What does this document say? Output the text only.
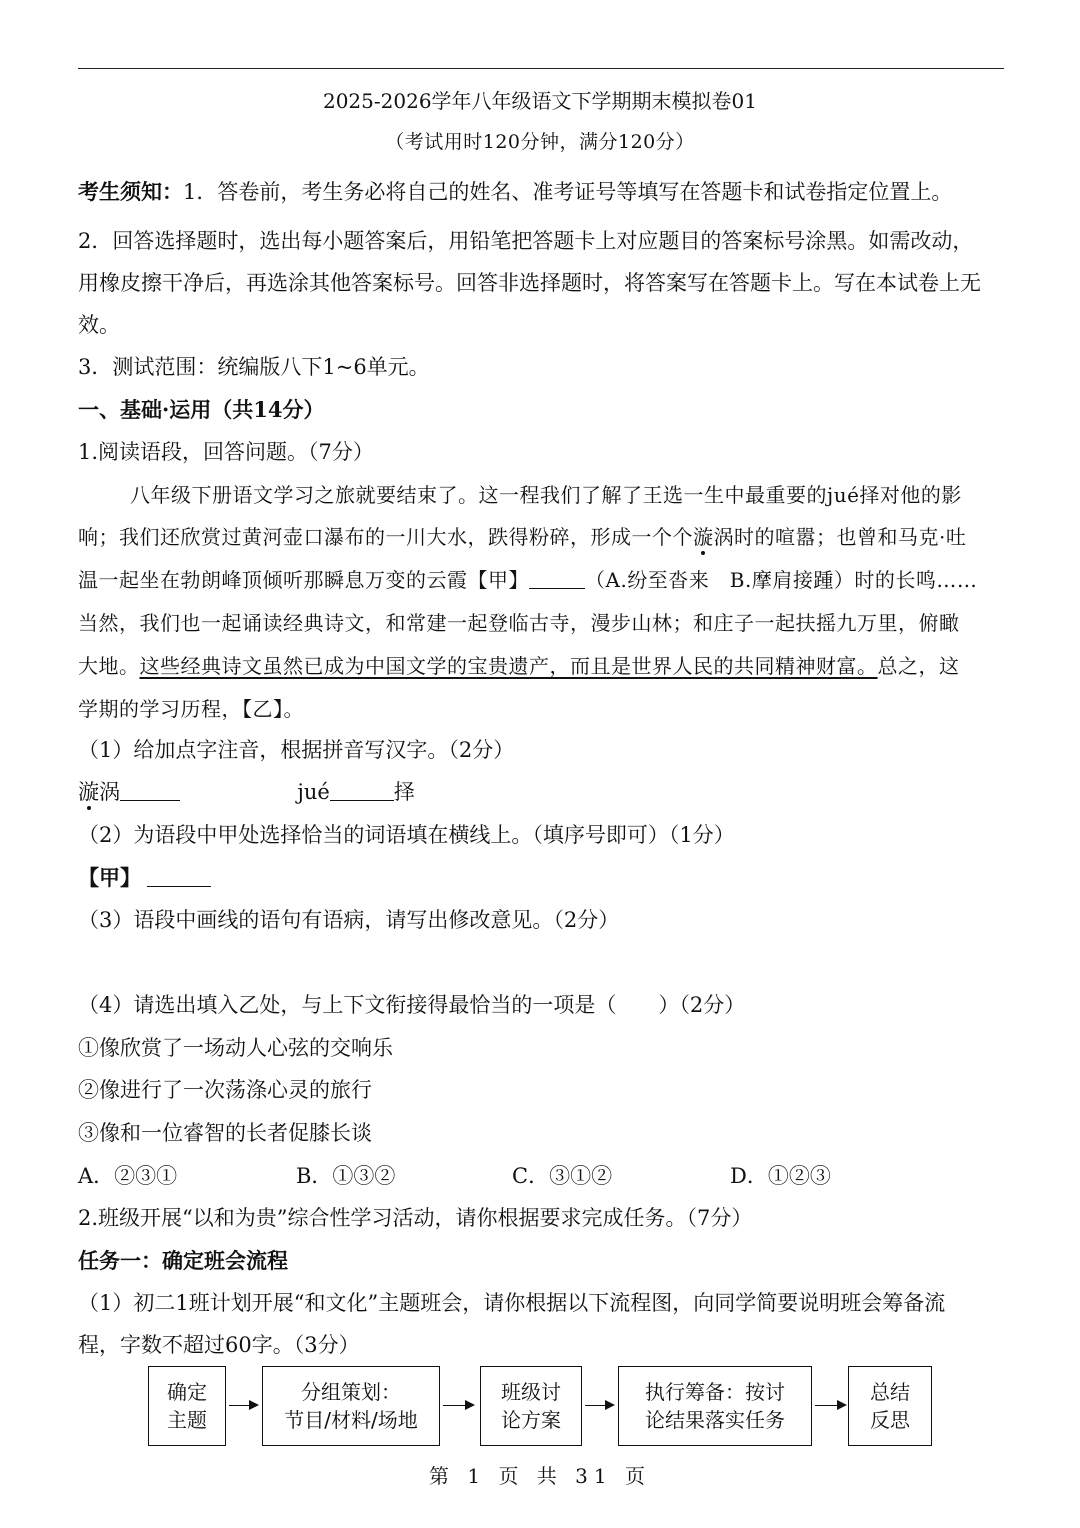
2025-2026学年八年级语文下学期期末模拟卷01
（考试用时120分钟，满分120分）
考生须知：1．答卷前，考生务必将自己的姓名、准考证号等填写在答题卡和试卷指定位置上。
2．回答选择题时，选出每小题答案后，用铅笔把答题卡上对应题目的答案标号涂黑。如需改动，
用橡皮擦干净后，再选涂其他答案标号。回答非选择题时，将答案写在答题卡上。写在本试卷上无
效。
3．测试范围：统编版八下1~6单元。
一、基础·运用（共14分）
1.阅读语段，回答问题。（7分）
八年级下册语文学习之旅就要结束了。这一程我们了解了王选一生中最重要的jué择对他的影
响；我们还欣赏过黄河壶口瀑布的一川大水，跌得粉碎，形成一个个漩涡时的喧嚣；也曾和马克·吐
温一起坐在勃朗峰顶倾听那瞬息万变的云霞【甲】	（A.纷至沓来　B.摩肩接踵）时的长鸣……
当然，我们也一起诵读经典诗文，和常建一起登临古寺，漫步山林；和庄子一起扶摇九万里，俯瞰
大地。这些经典诗文虽然已成为中国文学的宝贵遗产，而且是世界人民的共同精神财富。总之，这
学期的学习历程，【乙】。
（1）给加点字注音，根据拼音写汉字。（2分）
漩涡	jué	择
（2）为语段中甲处选择恰当的词语填在横线上。（填序号即可）（1分）
【甲】
（3）语段中画线的语句有语病，请写出修改意见。（2分）
（4）请选出填入乙处，与上下文衔接得最恰当的一项是（　　）（2分）
①像欣赏了一场动人心弦的交响乐
②像进行了一次荡涤心灵的旅行
③像和一位睿智的长者促膝长谈
A．②③①	B．①③②	C．③①②	D．①②③
2.班级开展“以和为贵”综合性学习活动，请你根据要求完成任务。（7分）
任务一：确定班会流程
（1）初二1班计划开展“和文化”主题班会，请你根据以下流程图，向同学简要说明班会筹备流
程，字数不超过60字。（3分）
确定
主题
分组策划：
节目/材料/场地
班级讨
论方案
执行筹备：按讨
论结果落实任务
总结
反思
第 1 页 共 31 页
